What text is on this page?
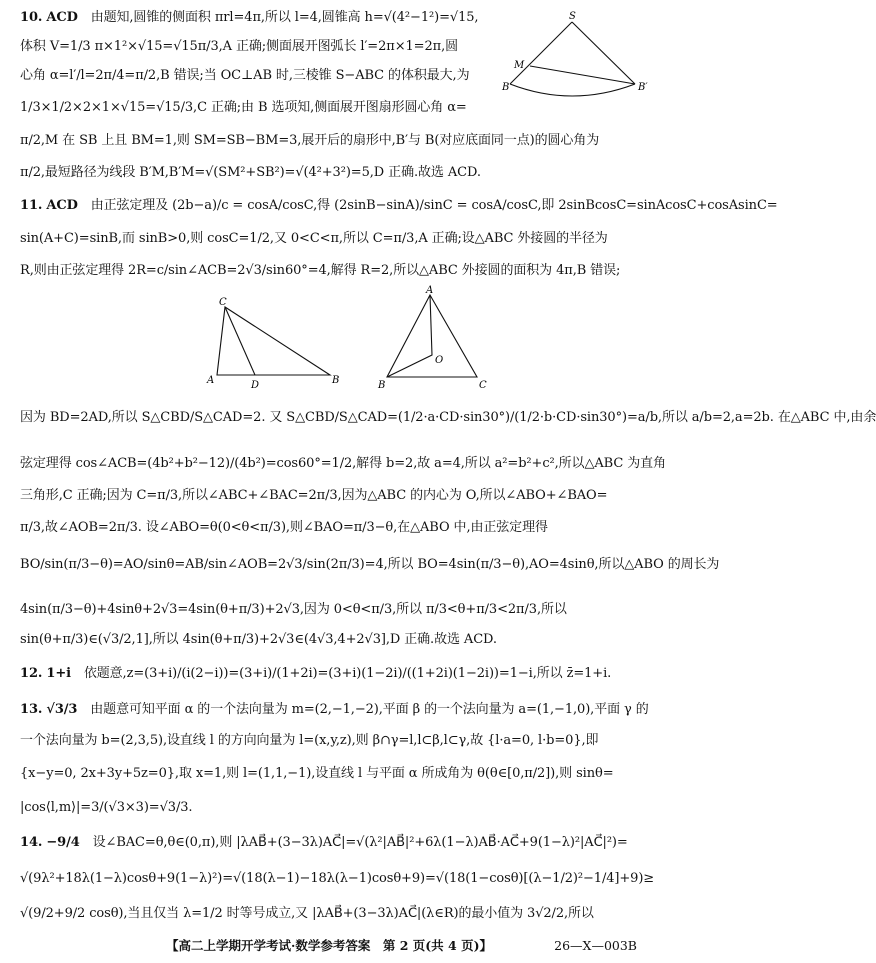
10. ACD　 由题知,圆锥的侧面积 πrl=4π,所以 l=4,圆锥高 h=√(4²−1²)=√15,
体积 V=1/3 π×1²×√15=√15π/3,A 正确;侧面展开图弧长 l′=2π×1=2π,圆
心角 α=l′/l=2π/4=π/2,B 错误;当 OC⊥AB 时,三棱锥 S−ABC 的体积最大,为
1/3×1/2×2×1×√15=√15/3,C 正确;由 B 选项知,侧面展开图扇形圆心角 α=
π/2,M 在 SB 上且 BM=1,则 SM=SB−BM=3,展开后的扇形中,B′与 B(对应底面同一点)的圆心角为
π/2,最短路径为线段 B′M,B′M=√(SM²+SB²)=√(4²+3²)=5,D 正确.故选 ACD.
S
M
B	B′
11. ACD　 由正弦定理及 (2b−a)/c = cosA/cosC,得 (2sinB−sinA)/sinC = cosA/cosC,即 2sinBcosC=sinAcosC+cosAsinC=
sin(A+C)=sinB,而 sinB>0,则 cosC=1/2,又 0<C<π,所以 C=π/3,A 正确;设△ABC 外接圆的半径为
R,则由正弦定理得 2R=c/sin∠ACB=2√3/sin60°=4,解得 R=2,所以△ABC 外接圆的面积为 4π,B 错误;
C
A	D	B
A
O
B	C
因为 BD=2AD,所以 S△CBD/S△CAD=2. 又 S△CBD/S△CAD=(1/2·a·CD·sin30°)/(1/2·b·CD·sin30°)=a/b,所以 a/b=2,a=2b. 在△ABC 中,由余
弦定理得 cos∠ACB=(4b²+b²−12)/(4b²)=cos60°=1/2,解得 b=2,故 a=4,所以 a²=b²+c²,所以△ABC 为直角
三角形,C 正确;因为 C=π/3,所以∠ABC+∠BAC=2π/3,因为△ABC 的内心为 O,所以∠ABO+∠BAO=
π/3,故∠AOB=2π/3. 设∠ABO=θ(0<θ<π/3),则∠BAO=π/3−θ,在△ABO 中,由正弦定理得
BO/sin(π/3−θ)=AO/sinθ=AB/sin∠AOB=2√3/sin(2π/3)=4,所以 BO=4sin(π/3−θ),AO=4sinθ,所以△ABO 的周长为
4sin(π/3−θ)+4sinθ+2√3=4sin(θ+π/3)+2√3,因为 0<θ<π/3,所以 π/3<θ+π/3<2π/3,所以
sin(θ+π/3)∈(√3/2,1],所以 4sin(θ+π/3)+2√3∈(4√3,4+2√3],D 正确.故选 ACD.
12. 1+i　 依题意,z=(3+i)/(i(2−i))=(3+i)/(1+2i)=(3+i)(1−2i)/((1+2i)(1−2i))=1−i,所以 z̄=1+i.
13. √3/3　 由题意可知平面 α 的一个法向量为 m=(2,−1,−2),平面 β 的一个法向量为 a=(1,−1,0),平面 γ 的
一个法向量为 b=(2,3,5),设直线 l 的方向向量为 l=(x,y,z),则 β∩γ=l,l⊂β,l⊂γ,故 {l·a=0, l·b=0},即
{x−y=0, 2x+3y+5z=0},取 x=1,则 l=(1,1,−1),设直线 l 与平面 α 所成角为 θ(θ∈[0,π/2]),则 sinθ=
|cos⟨l,m⟩|=3/(√3×3)=√3/3.
14. −9/4　 设∠BAC=θ,θ∈(0,π),则 |λAB⃗+(3−3λ)AC⃗|=√(λ²|AB⃗|²+6λ(1−λ)AB⃗·AC⃗+9(1−λ)²|AC⃗|²)=
√(9λ²+18λ(1−λ)cosθ+9(1−λ)²)=√(18(λ−1)−18λ(λ−1)cosθ+9)=√(18(1−cosθ)[(λ−1/2)²−1/4]+9)≥
√(9/2+9/2 cosθ),当且仅当 λ=1/2 时等号成立,又 |λAB⃗+(3−3λ)AC⃗|(λ∈R)的最小值为 3√2/2,所以
【高二上学期开学考试·数学参考答案　第 2 页(共 4 页)】	26—X—003B
